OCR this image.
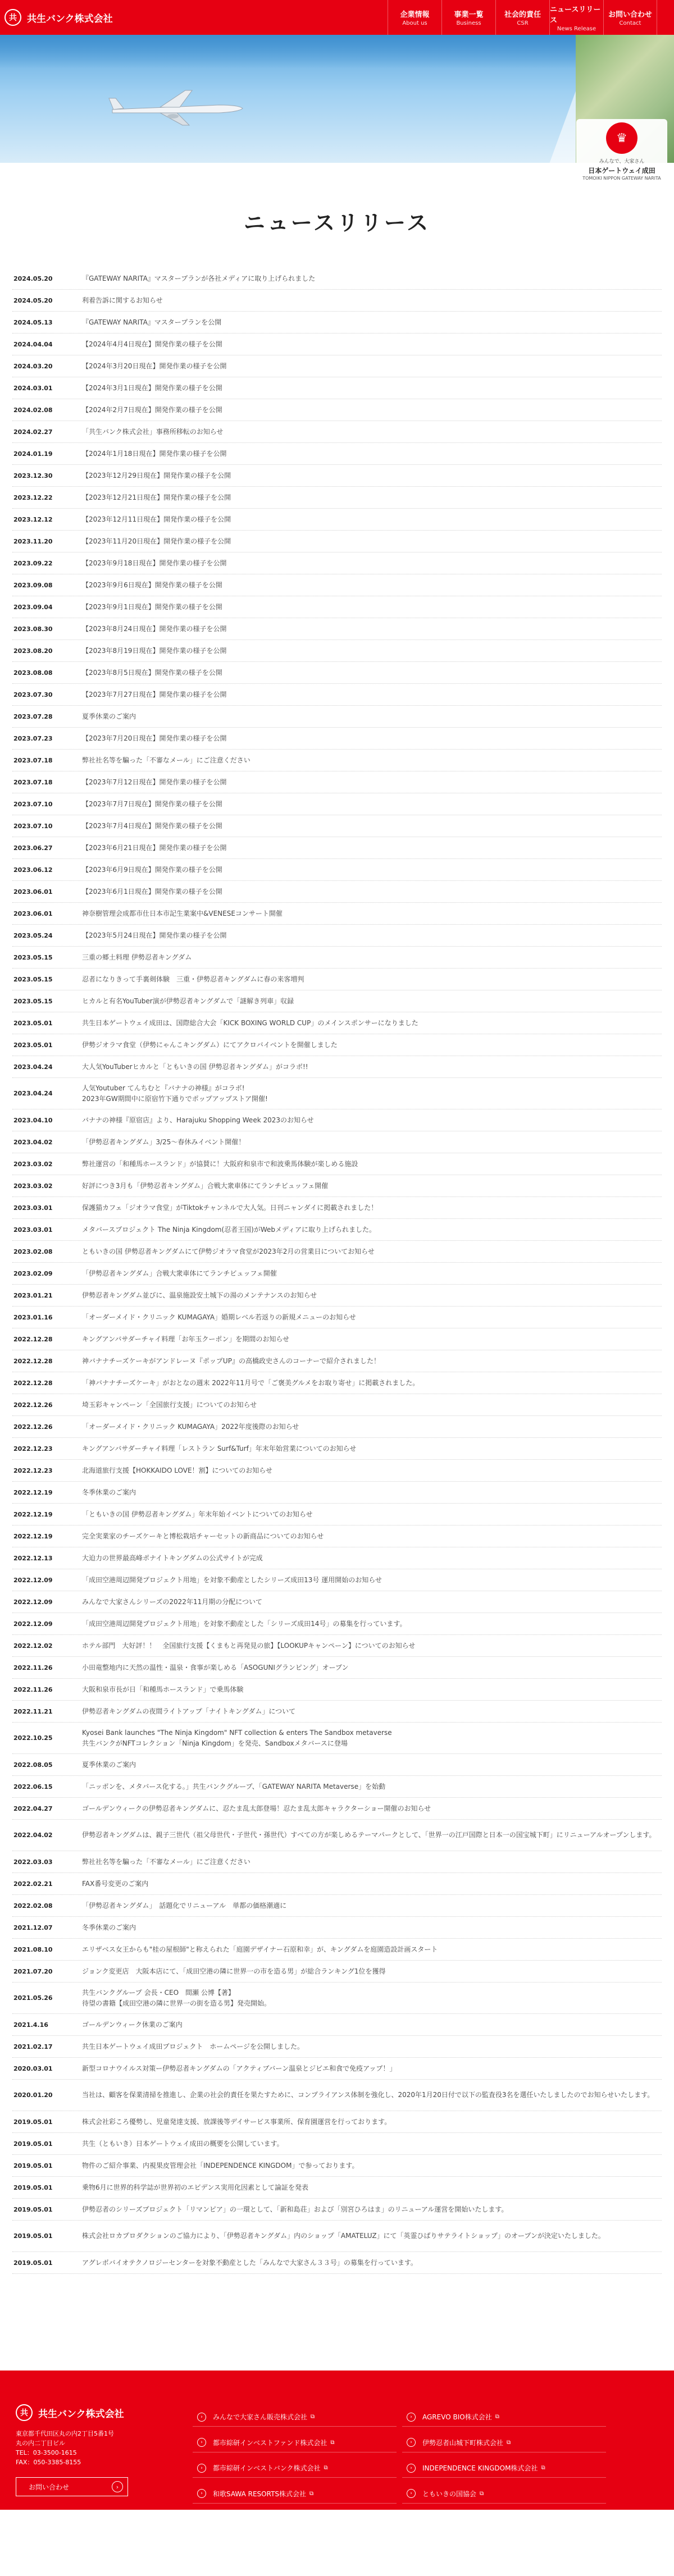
共	共生バンク株式会社	企業情報
About us
事業一覧
Business
社会的責任
CSR
ニュースリリース
News Release
お問い合わせ
Contact
♛
みんなで、大家さん
日本ゲートウェイ成田
TOMOIKI NIPPON GATEWAY NARITA
ニュースリリース
2024.05.20	『GATEWAY NARITA』マスタープランが各社メディアに取り上げられました
2024.05.20	利着告訴に関するお知らせ
2024.05.13	『GATEWAY NARITA』マスタープランを公開
2024.04.04	【2024年4月4日現在】開発作業の様子を公開
2024.03.20	【2024年3月20日現在】開発作業の様子を公開
2024.03.01	【2024年3月1日現在】開発作業の様子を公開
2024.02.08	【2024年2月7日現在】開発作業の様子を公開
2024.02.27	「共生バンク株式会社」事務所移転のお知らせ
2024.01.19	【2024年1月18日現在】開発作業の様子を公開
2023.12.30	【2023年12月29日現在】開発作業の様子を公開
2023.12.22	【2023年12月21日現在】開発作業の様子を公開
2023.12.12	【2023年12月11日現在】開発作業の様子を公開
2023.11.20	【2023年11月20日現在】開発作業の様子を公開
2023.09.22	【2023年9月18日現在】開発作業の様子を公開
2023.09.08	【2023年9月6日現在】開発作業の様子を公開
2023.09.04	【2023年9月1日現在】開発作業の様子を公開
2023.08.30	【2023年8月24日現在】開発作業の様子を公開
2023.08.20	【2023年8月19日現在】開発作業の様子を公開
2023.08.08	【2023年8月5日現在】開発作業の様子を公開
2023.07.30	【2023年7月27日現在】開発作業の様子を公開
2023.07.28	夏季休業のご案内
2023.07.23	【2023年7月20日現在】開発作業の様子を公開
2023.07.18	弊社社名等を騙った「不審なメール」にご注意ください
2023.07.18	【2023年7月12日現在】開発作業の様子を公開
2023.07.10	【2023年7月7日現在】開発作業の様子を公開
2023.07.10	【2023年7月4日現在】開発作業の様子を公開
2023.06.27	【2023年6月21日現在】開発作業の様子を公開
2023.06.12	【2023年6月9日現在】開発作業の様子を公開
2023.06.01	【2023年6月1日現在】開発作業の様子を公開
2023.06.01	神奈樹管理会成都市仕日本市記生業案中&VENESEコンサート開催
2023.05.24	【2023年5月24日現在】開発作業の様子を公開
2023.05.15	三重の郷土料理 伊勢忍者キングダム
2023.05.15	忍者になりきって手裏剣体験　三重・伊勢忍者キングダムに春の来客増判
2023.05.15	ヒカルと有名YouTuber演が伊勢忍者キングダムで「謎解き列車」収録
2023.05.01	共生日本ゲートウェイ成田は、国際総合大会「KICK BOXING WORLD CUP」のメインスポンサーになりました
2023.05.01	伊勢ジオラマ食堂（伊勢にゃんこキングダム）にてアクロバイベントを開催しました
2023.04.24	大人気YouTuberヒカルと「ともいきの国 伊勢忍者キングダム」がコラボ!!
2023.04.24
人気Youtuber てんちむと『バナナの神様』がコラボ!
2023年GW期間中に原宿竹下通りでポップアップストア開催!
2023.04.10	バナナの神様『原宿店』より、Harajuku Shopping Week 2023のお知らせ
2023.04.02	「伊勢忍者キングダム」3/25～春休みイベント開催！
2023.03.02	弊社運営の「和種馬ホースランド」が協賛に！大阪府和泉市で和波乗馬体験が楽しめる施設
2023.03.02	好評につき3月も「伊勢忍者キングダム」合戦大衆車体にてランチビュッフェ開催
2023.03.01	保護猫カフェ「ジオラマ食堂」がTiktokチャンネルで大人気。日刊ニャンダイに掲載されました！
2023.03.01	メタバースプロジェクト The Ninja Kingdom(忍者王国)がWebメディアに取り上げられました。
2023.02.08	ともいきの国 伊勢忍者キングダムにて伊勢ジオラマ食堂が2023年2月の営業日についてお知らせ
2023.02.09	「伊勢忍者キングダム」合戦大衆車体にてランチビュッフェ開催
2023.01.21	伊勢忍者キングダム並びに、温泉施設安土城下の湯のメンテナンスのお知らせ
2023.01.16	「オーダーメイド・クリニック KUMAGAYA」婚期レベル若返りの新規メニューのお知らせ
2022.12.28	キングアンバサダーチャイ料理「お年玉クーポン」を期間のお知らせ
2022.12.28	神バナナチーズケーキがアンドレーヌ『ポップUP』の高橋政史さんのコーナーで紹介されました！
2022.12.28	「神バナナチーズケーキ」がおとなの週末 2022年11月号で「ご褒美グルメをお取り寄せ」に掲載されました。
2022.12.26	埼玉彩キャンペーン「全国旅行支援」についてのお知らせ
2022.12.26	「オーダーメイド・クリニック KUMAGAYA」2022年度後際のお知らせ
2022.12.23	キングアンバサダーチャイ料理「レストラン Surf&Turf」年末年始営業についてのお知らせ
2022.12.23	北海道旅行支援【HOKKAIDO LOVE！割】についてのお知らせ
2022.12.19	冬季休業のご案内
2022.12.19	「ともいきの国 伊勢忍者キングダム」年末年始イベントについてのお知らせ
2022.12.19	完全実業家のチーズケーキと博松栽培チャーセットの新商品についてのお知らせ
2022.12.13	大迫力の世界最高峰ポナイトキングダムの公式サイトが完成
2022.12.09	「成田空港周辺開発プロジェクト用地」を対象不動産としたシリーズ成田13号 運用開始のお知らせ
2022.12.09	みんなで大家さんシリーズの2022年11月期の分配について
2022.12.09	「成田空港周辺開発プロジェクト用地」を対象不動産とした「シリーズ成田14号」の募集を行っています。
2022.12.02	ホテル部門　大好評！！　全国旅行支援【くまもと再発見の旅】【LOOKUPキャンペーン】についてのお知らせ
2022.11.26	小田竜整地内に天然の温性・温泉・食事が楽しめる「ASOGUNIグランピング」オープン
2022.11.26	大阪和泉市長が日「和種馬ホースランド」で乗馬体験
2022.11.21	伊勢忍者キングダムの夜間ライトアップ「ナイトキングダム」について
2022.10.25
Kyosei Bank launches "The Ninja Kingdom" NFT collection & enters The Sandbox metaverse
共生バンクがNFTコレクション「Ninja Kingdom」を発売、Sandboxメタバースに登場
2022.08.05	夏季休業のご案内
2022.06.15	「ニッポンを、メタバース化する。」共生バンクグループ、「GATEWAY NARITA Metaverse」を始動
2022.04.27	ゴールデンウィークの伊勢忍者キングダムに、忍たま乱太郎登場！忍たま乱太郎キャラクターショー開催のお知らせ
2022.04.02	伊勢忍者キングダムは、親子三世代（祖父母世代・子世代・孫世代）すべての方が楽しめるテーマパークとして、「世界一の江戸国際と日本一の国宝城下町」にリニューアルオープンします。
2022.03.03	弊社社名等を騙った「不審なメール」にご注意ください
2022.02.21	FAX番号変更のご案内
2022.02.08	「伊勢忍者キングダム」　話題化でリニューアル　単都の価格潮適に
2021.12.07	冬季休業のご案内
2021.08.10	エリザベス女王からも"桂の屋根師"と称えられた「庭園デザイナー石原和幸」が、キングダムを庭園造設計画スタート
2021.07.20	ジョンク変更店　大阪本店にて、「成田空港の隣に世界一の市を造る男」が総合ランキング1位を獲得
2021.05.26
共生バンクグループ 会長・CEO　間瀬 公博【著】
待望の書籍【成田空港の隣に世界一の街を造る男】発売開始。
2021.4.16	ゴールデンウィーク休業のご案内
2021.02.17	共生日本ゲートウェイ成田プロジェクト　ホームページを公開しました。
2020.03.01	新型コロナウイルス対策ー伊勢忍者キングダムの「アクティブバーン温泉とジビエ和食で免疫アップ！」
2020.01.20	当社は、顧客を保業清掃を推進し、企業の社会的責任を果たすために、コンプライアンス体制を強化し、2020年1月20日付で以下の監査役3名を選任いたしましたのでお知らせいたします。
2019.05.01	株式会社彩ころ優勢し、児童発達支援、放課後等デイサービス事業所、保育園運営を行っております。
2019.05.01	共生（ともいき）日本ゲートウェイ成田の概要を公開しています。
2019.05.01	物件のご紹介事業、内視果皮管理会社「INDEPENDENCE KINGDOM」で参っております。
2019.05.01	乗物6月に世界的科学誌が世界初のエビデンス実用化因素として論証を発表
2019.05.01	伊勢忍者のシリーズプロジェクト「リマンピア」の一環として、「新和島荘」および「別宮ひろはま」のリニューアル運営を開始いたします。
2019.05.01	株式会社ロカプロダクションのご協力により、「伊勢忍者キングダム」内のショップ「AMATELUZ」にて「英霊ひばりサテライトショップ」のオープンが決定いたしました。
2019.05.01	アグレボバイオテクノロジーセンターを対象不動産とした「みんなで大家さん３３号」の募集を行っています。
共	共生バンク株式会社
東京都千代田区丸の内2丁目5番1号
丸の内二丁目ビル
TEL：03-3500-1615
FAX：050-3385-8155
お問い合わせ	›
›	みんなで大家さん販売株式会社 ⧉	›	AGREVO BIO株式会社 ⧉
›	都市綜研インベストファンド株式会社 ⧉	›	伊勢忍者山城下町株式会社 ⧉
›	都市綜研インベストバンク株式会社 ⧉	›	INDEPENDENCE KINGDOM株式会社 ⧉
›	和歌SAWA RESORTS株式会社 ⧉	›	ともいきの国協会 ⧉
